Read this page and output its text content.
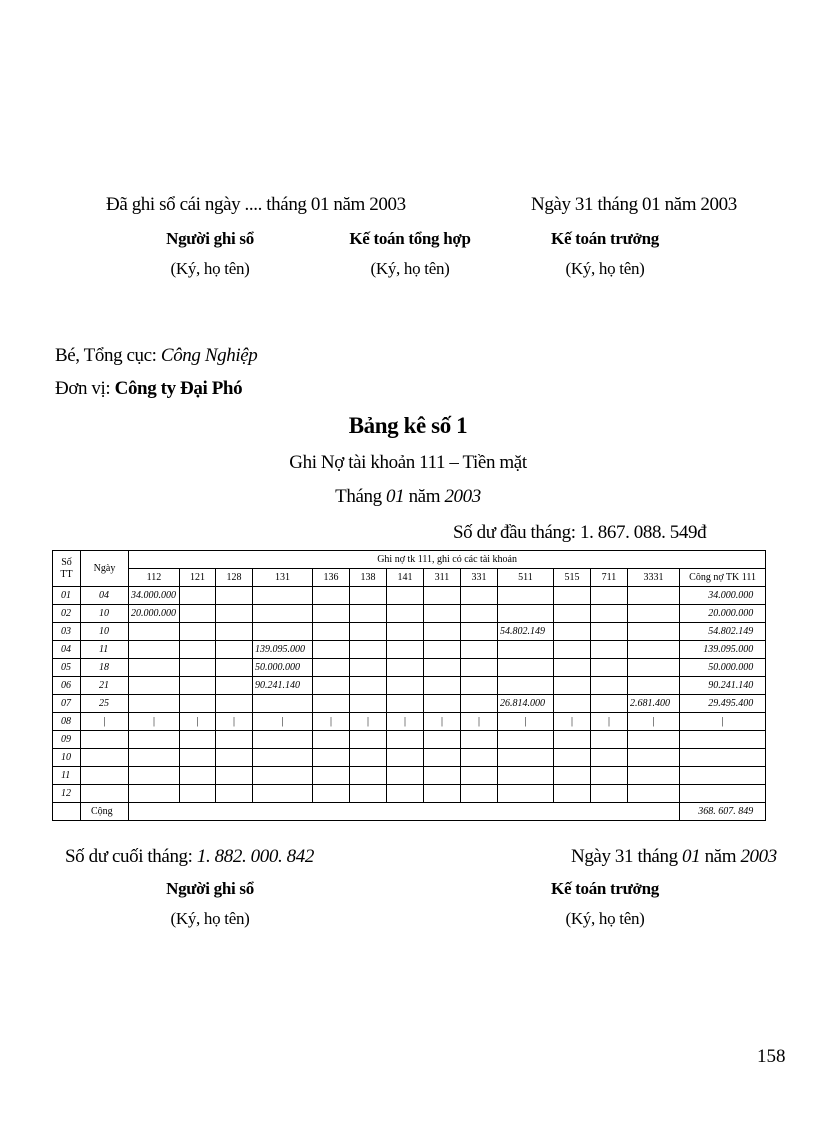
Đã ghi sổ cái ngày .... tháng 01 năm 2003	Ngày 31 tháng 01 năm 2003
Người ghi sổ
(Ký, họ tên)
Kế toán tổng hợp
(Ký, họ tên)
Kế toán trưởng
(Ký, họ tên)
Bé, Tổng cục: Công Nghiệp
Đơn vị: Công ty Đại Phó
Bảng kê số 1
Ghi Nợ tài khoản 111 – Tiền mặt
Tháng 01 năm 2003
Số dư đầu tháng: 1. 867. 088. 549đ
Số TT	Ngày	Ghi nợ tk 111, ghi có các tài khoản													
		112	121	128	131	136	138	141	311	331	511	515	711	3331	Công nợ TK 111
01	04	34.000.000													34.000.000
02	10	20.000.000													20.000.000
03	10										54.802.149				54.802.149
04	11				139.095.000										139.095.000
05	18				50.000.000										50.000.000
06	21				90.241.140										90.241.140
07	25										26.814.000			2.681.400	29.495.400
08	|	|	|	|	|	|	|	|	|	|	|	|	|	|	|
09															
10															
11															
12															
	Cộng														368. 607. 849
Số dư cuối tháng: 1. 882. 000. 842	Ngày 31 tháng 01 năm 2003
Người ghi sổ
(Ký, họ tên)
Kế toán trưởng
(Ký, họ tên)
158
